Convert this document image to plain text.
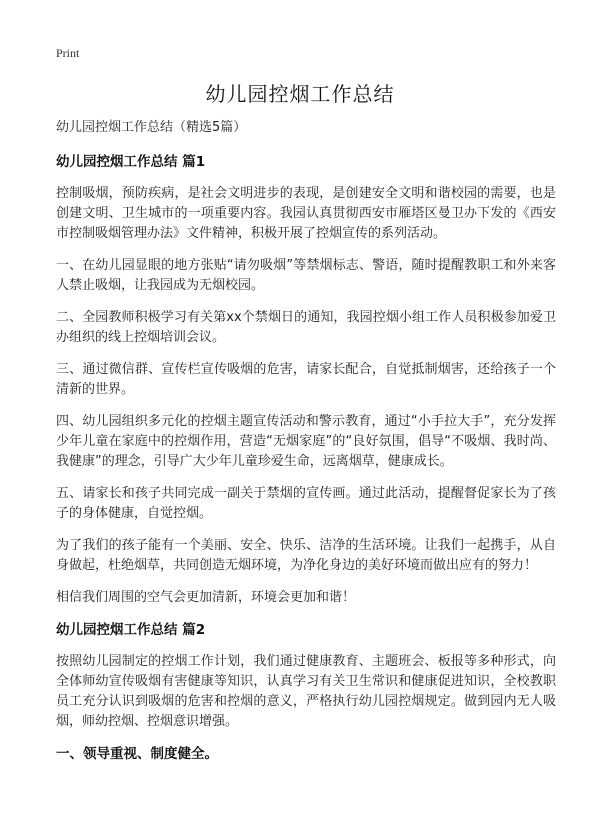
Print
幼儿园控烟工作总结

幼儿园控烟工作总结（精选5篇）

幼儿园控烟工作总结 篇1

控制吸烟，预防疾病，是社会文明进步的表现，是创建安全文明和谐校园的需要，也是创建文明、卫生城市的一项重要内容。我园认真贯彻西安市雁塔区曼卫办下发的《西安市控制吸烟管理办法》文件精神，积极开展了控烟宣传的系列活动。

一、在幼儿园显眼的地方张贴“请勿吸烟”等禁烟标志、警语，随时提醒教职工和外来客人禁止吸烟，让我园成为无烟校园。

二、全园教师积极学习有关第xx个禁烟日的通知，我园控烟小组工作人员积极参加爱卫办组织的线上控烟培训会议。

三、通过微信群、宣传栏宣传吸烟的危害，请家长配合，自觉抵制烟害，还给孩子一个清新的世界。

四、幼儿园组织多元化的控烟主题宣传活动和警示教育，通过“小手拉大手”，充分发挥少年儿童在家庭中的控烟作用，营造“无烟家庭”的“良好氛围，倡导“不吸烟、我时尚、我健康”的理念，引导广大少年儿童珍爱生命，远离烟草，健康成长。

五、请家长和孩子共同完成一副关于禁烟的宣传画。通过此活动，提醒督促家长为了孩子的身体健康，自觉控烟。

为了我们的孩子能有一个美丽、安全、快乐、洁净的生活环境。让我们一起携手，从自身做起，杜绝烟草，共同创造无烟环境，为净化身边的美好环境而做出应有的努力！

相信我们周围的空气会更加清新，环境会更加和谐！

幼儿园控烟工作总结 篇2

按照幼儿园制定的控烟工作计划，我们通过健康教育、主题班会、板报等多种形式，向全体师幼宣传吸烟有害健康等知识，认真学习有关卫生常识和健康促进知识，全校教职员工充分认识到吸烟的危害和控烟的意义，严格执行幼儿园控烟规定。做到园内无人吸烟，师幼控烟、控烟意识增强。

一、领导重视、制度健全。
